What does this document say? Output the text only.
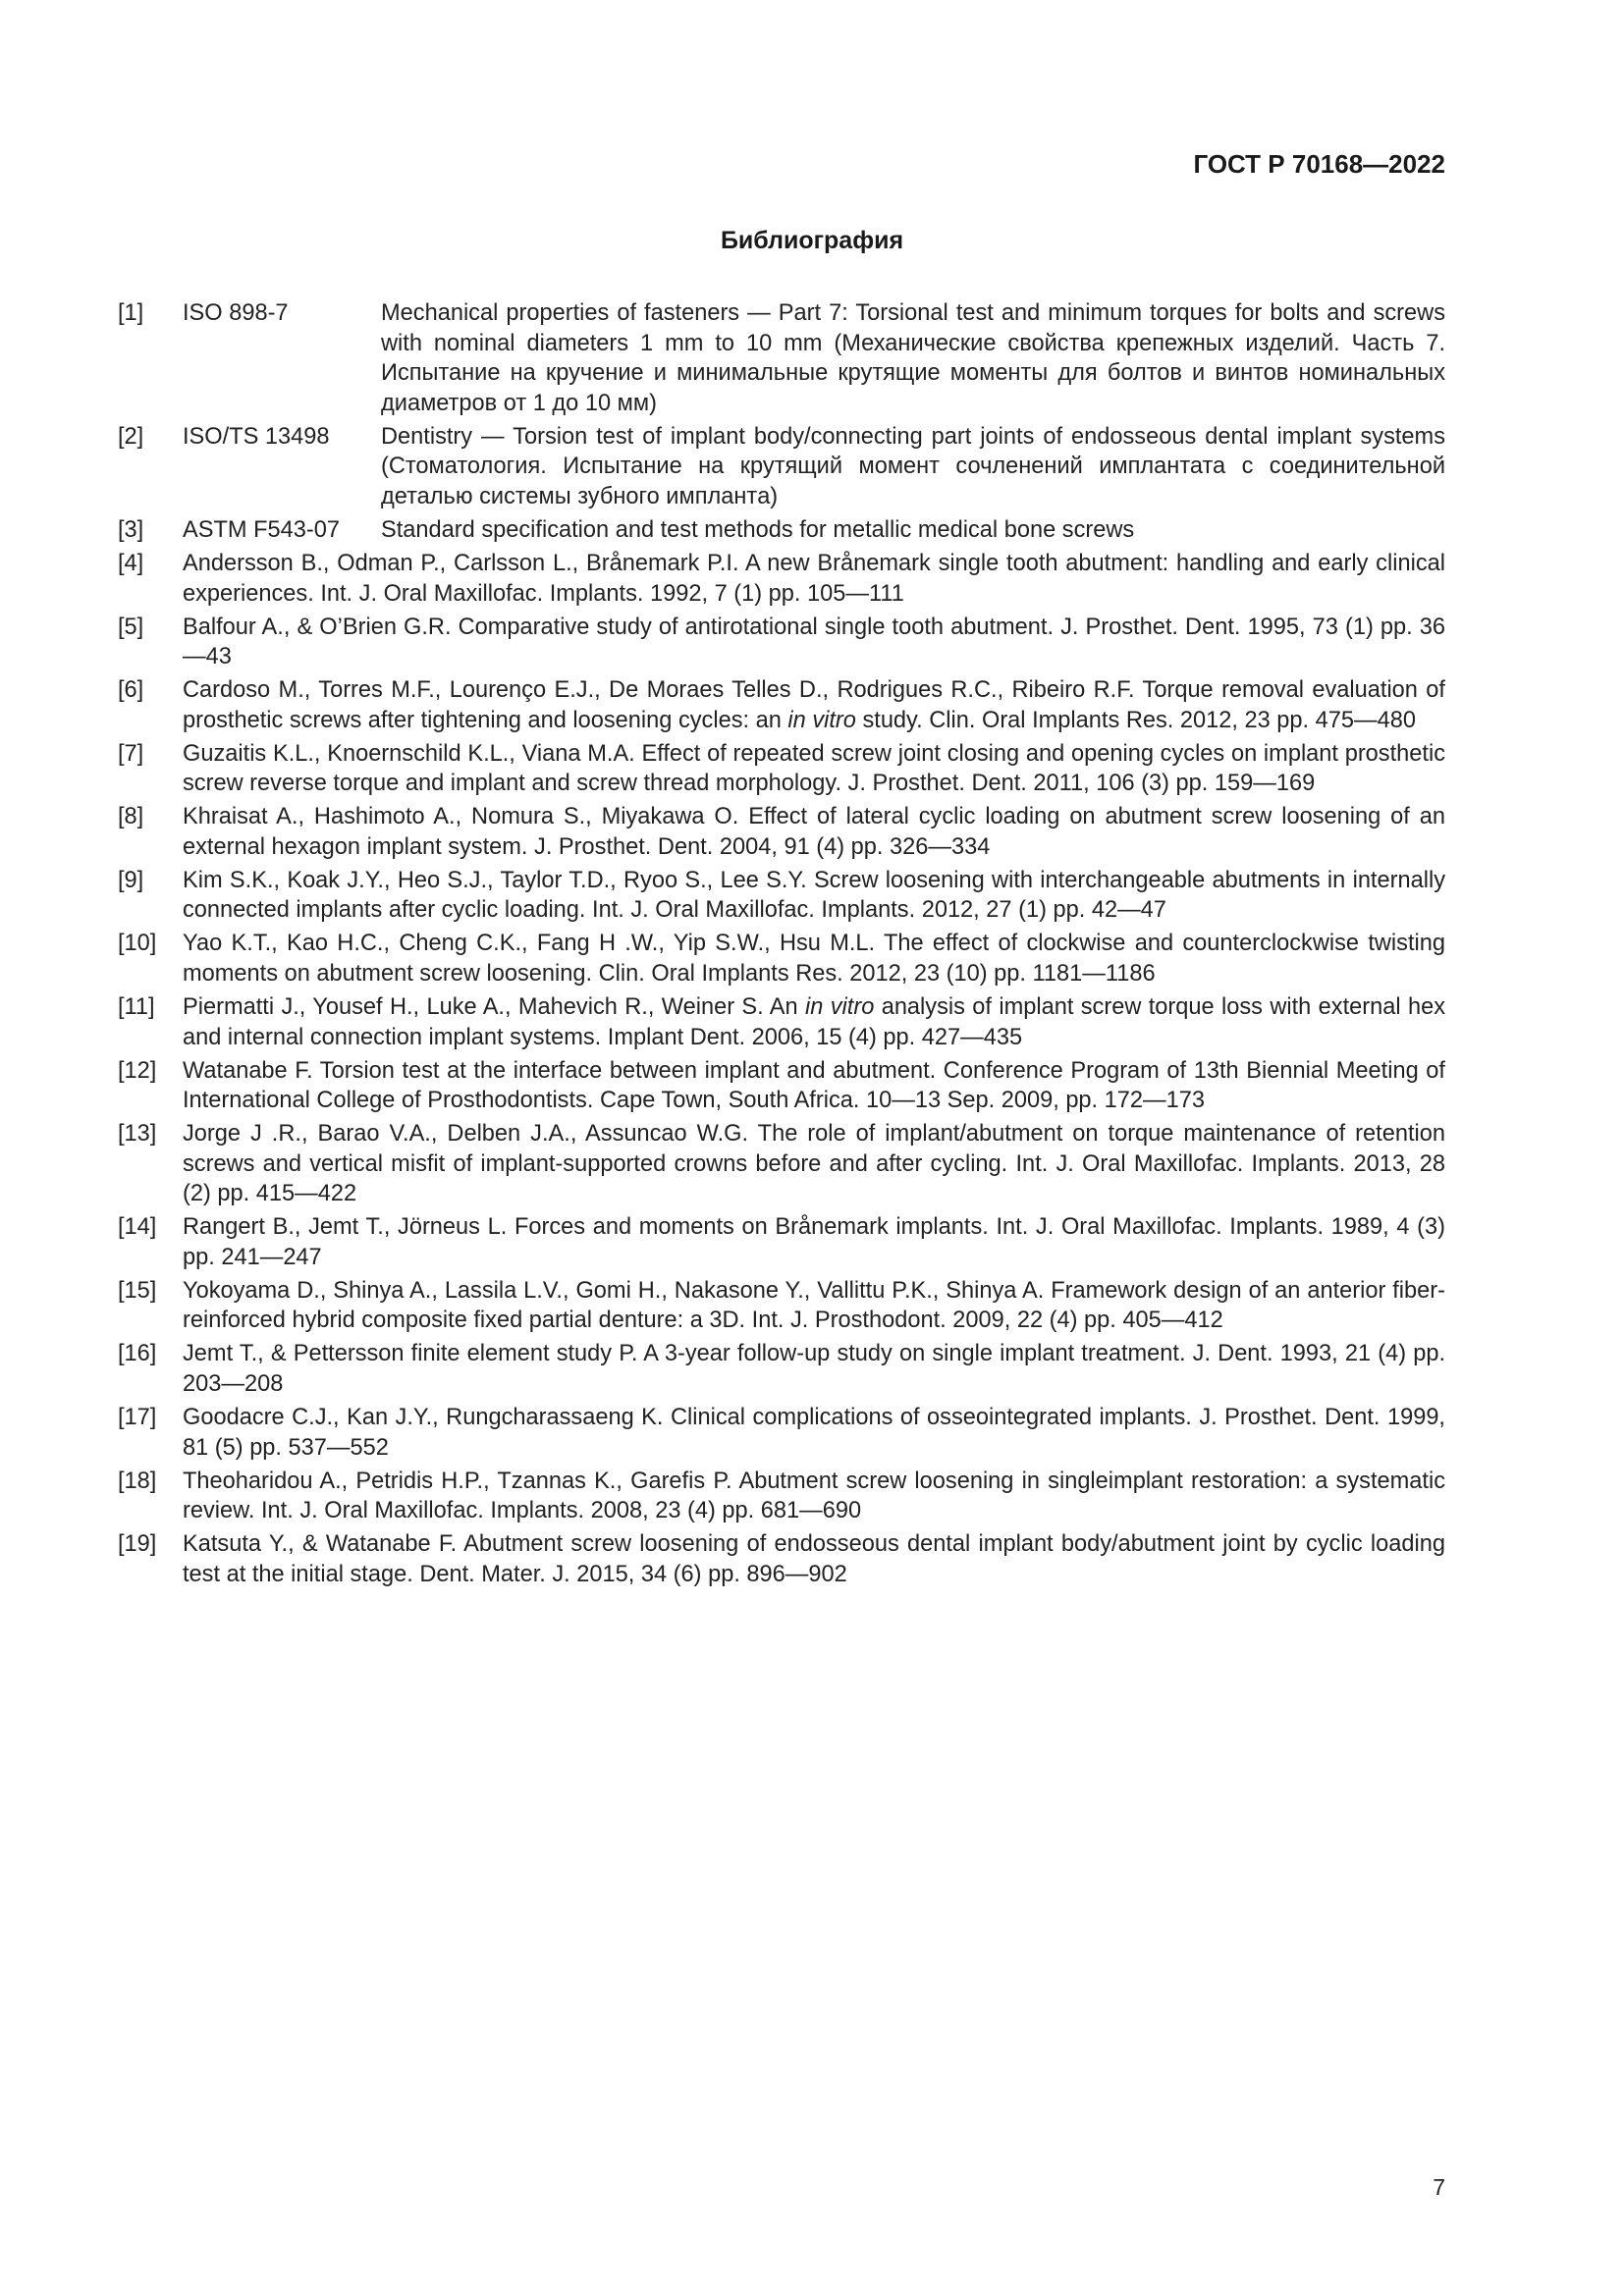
ГОСТ Р 70168—2022
Библиография
[1]	ISO 898-7	Mechanical properties of fasteners — Part 7: Torsional test and minimum torques for bolts and screws with nominal diameters 1 mm to 10 mm (Механические свойства крепежных изделий. Часть 7. Испытание на кручение и минимальные крутящие моменты для болтов и винтов номинальных диаметров от 1 до 10 мм)
[2]	ISO/TS 13498	Dentistry — Torsion test of implant body/connecting part joints of endosseous dental implant systems (Стоматология. Испытание на крутящий момент сочленений имплантата с соединительной деталью системы зубного имплантa)
[3]	ASTM F543-07	Standard specification and test methods for metallic medical bone screws
[4]	Andersson B., Odman P., Carlsson L., Brånemark P.I. A new Brånemark single tooth abutment: handling and early clinical experiences. Int. J. Oral Maxillofac. Implants. 1992, 7 (1) pp. 105—111
[5]	Balfour A., & O’Brien G.R. Comparative study of antirotational single tooth abutment. J. Prosthet. Dent. 1995, 73 (1) pp. 36—43
[6]	Cardoso M., Torres M.F., Lourenço E.J., De Moraes Telles D., Rodrigues R.C., Ribeiro R.F. Torque removal evaluation of prosthetic screws after tightening and loosening cycles: an in vitro study. Clin. Oral Implants Res. 2012, 23 pp. 475—480
[7]	Guzaitis K.L., Knoernschild K.L., Viana M.A. Effect of repeated screw joint closing and opening cycles on implant prosthetic screw reverse torque and implant and screw thread morphology. J. Prosthet. Dent. 2011, 106 (3) pp. 159—169
[8]	Khraisat A., Hashimoto A., Nomura S., Miyakawa O. Effect of lateral cyclic loading on abutment screw loosening of an external hexagon implant system. J. Prosthet. Dent. 2004, 91 (4) pp. 326—334
[9]	Kim S.K., Koak J.Y., Heo S.J., Taylor T.D., Ryoo S., Lee S.Y. Screw loosening with interchangeable abutments in internally connected implants after cyclic loading. Int. J. Oral Maxillofac. Implants. 2012, 27 (1) pp. 42—47
[10]	Yao K.T., Kao H.C., Cheng C.K., Fang H .W., Yip S.W., Hsu M.L. The effect of clockwise and counterclockwise twisting moments on abutment screw loosening. Clin. Oral Implants Res. 2012, 23 (10) pp. 1181—1186
[11]	Piermatti J., Yousef H., Luke A., Mahevich R., Weiner S. An in vitro analysis of implant screw torque loss with external hex and internal connection implant systems. Implant Dent. 2006, 15 (4) pp. 427—435
[12]	Watanabe F. Torsion test at the interface between implant and abutment. Conference Program of 13th Biennial Meeting of International College of Prosthodontists. Cape Town, South Africa. 10—13 Sep. 2009, pp. 172—173
[13]	Jorge J .R., Barao V.A., Delben J.A., Assuncao W.G. The role of implant/abutment on torque maintenance of retention screws and vertical misfit of implant-supported crowns before and after cycling. Int. J. Oral Maxillofac. Implants. 2013, 28 (2) pp. 415—422
[14]	Rangert B., Jemt T., Jörneus L. Forces and moments on Brånemark implants. Int. J. Oral Maxillofac. Implants. 1989, 4 (3) pp. 241—247
[15]	Yokoyama D., Shinya A., Lassila L.V., Gomi H., Nakasone Y., Vallittu P.K., Shinya A. Framework design of an anterior fiber-reinforced hybrid composite fixed partial denture: a 3D. Int. J. Prosthodont. 2009, 22 (4) pp. 405—412
[16]	Jemt T., & Pettersson finite element study P. A 3-year follow-up study on single implant treatment. J. Dent. 1993, 21 (4) pp. 203—208
[17]	Goodacre C.J., Kan J.Y., Rungcharassaeng K. Clinical complications of osseointegrated implants. J. Prosthet. Dent. 1999, 81 (5) pp. 537—552
[18]	Theoharidou A., Petridis H.P., Tzannas K., Garefis P. Abutment screw loosening in singleimplant restoration: a systematic review. Int. J. Oral Maxillofac. Implants. 2008, 23 (4) pp. 681—690
[19]	Katsuta Y., & Watanabe F. Abutment screw loosening of endosseous dental implant body/abutment joint by cyclic loading test at the initial stage. Dent. Mater. J. 2015, 34 (6) pp. 896—902
7
